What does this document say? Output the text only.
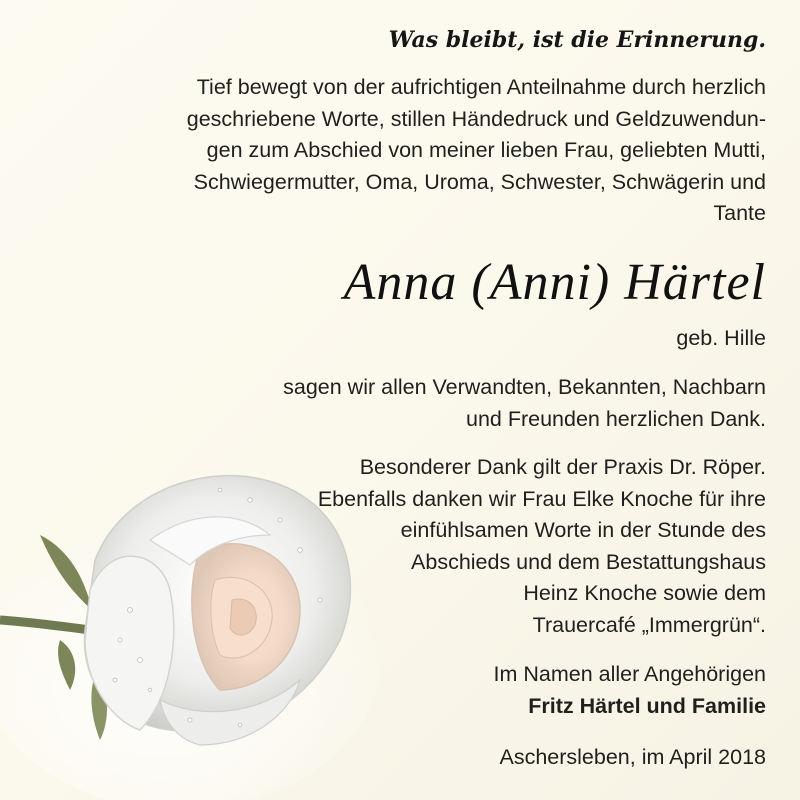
Was bleibt, ist die Erinnerung.
Tief bewegt von der aufrichtigen Anteilnahme durch herzlich
geschriebene Worte, stillen Händedruck und Geldzuwendun-
gen zum Abschied von meiner lieben Frau, geliebten Mutti,
Schwiegermutter, Oma, Uroma, Schwester, Schwägerin und
Tante
Anna (Anni) Härtel
geb. Hille
sagen wir allen Verwandten, Bekannten, Nachbarn
und Freunden herzlichen Dank.
Besonderer Dank gilt der Praxis Dr. Röper.
Ebenfalls danken wir Frau Elke Knoche für ihre
einfühlsamen Worte in der Stunde des
Abschieds und dem Bestattungshaus
Heinz Knoche sowie dem
Trauercafé „Immergrün“.
Im Namen aller Angehörigen
Fritz Härtel und Familie
Aschersleben, im April 2018
